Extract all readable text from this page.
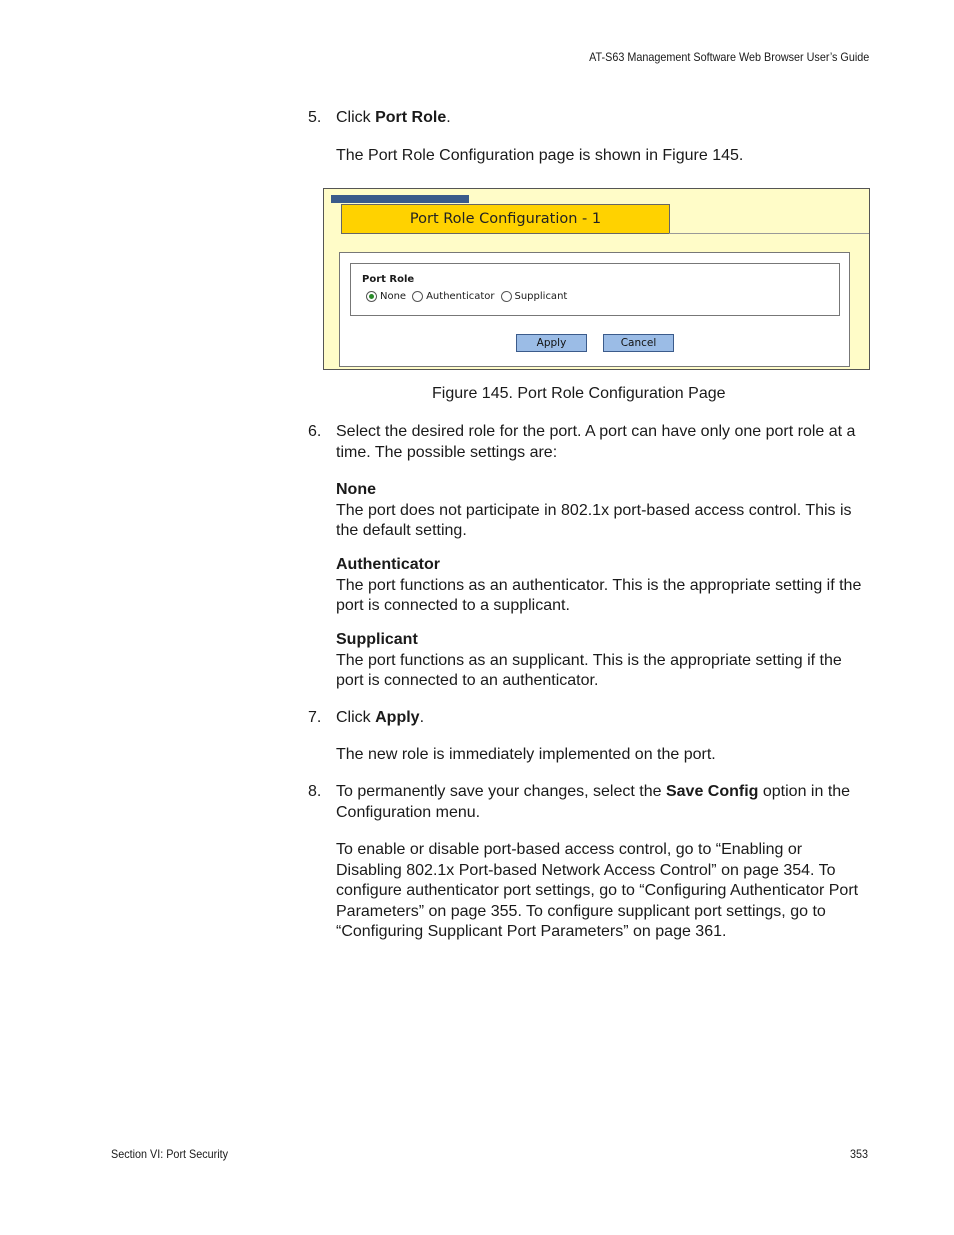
AT-S63 Management Software Web Browser User’s Guide
5. Click Port Role.
The Port Role Configuration page is shown in Figure 145.
6. Select the desired role for the port. A port can have only one port role at a time. The possible settings are:
None
The port does not participate in 802.1x port-based access control. This is the default setting.
Authenticator
The port functions as an authenticator. This is the appropriate setting if the port is connected to a supplicant.
Supplicant
The port functions as an supplicant. This is the appropriate setting if the port is connected to an authenticator.
7. Click Apply.
The new role is immediately implemented on the port.
8. To permanently save your changes, select the Save Config option in the Configuration menu.
To enable or disable port-based access control, go to “Enabling or Disabling 802.1x Port-based Network Access Control” on page 354. To configure authenticator port settings, go to “Configuring Authenticator Port Parameters” on page 355. To configure supplicant port settings, go to “Configuring Supplicant Port Parameters” on page 361.
Port Role Configuration - 1
Port Role
None Authenticator Supplicant
Apply	Cancel
Figure 145. Port Role Configuration Page
Section VI: Port Security	353
